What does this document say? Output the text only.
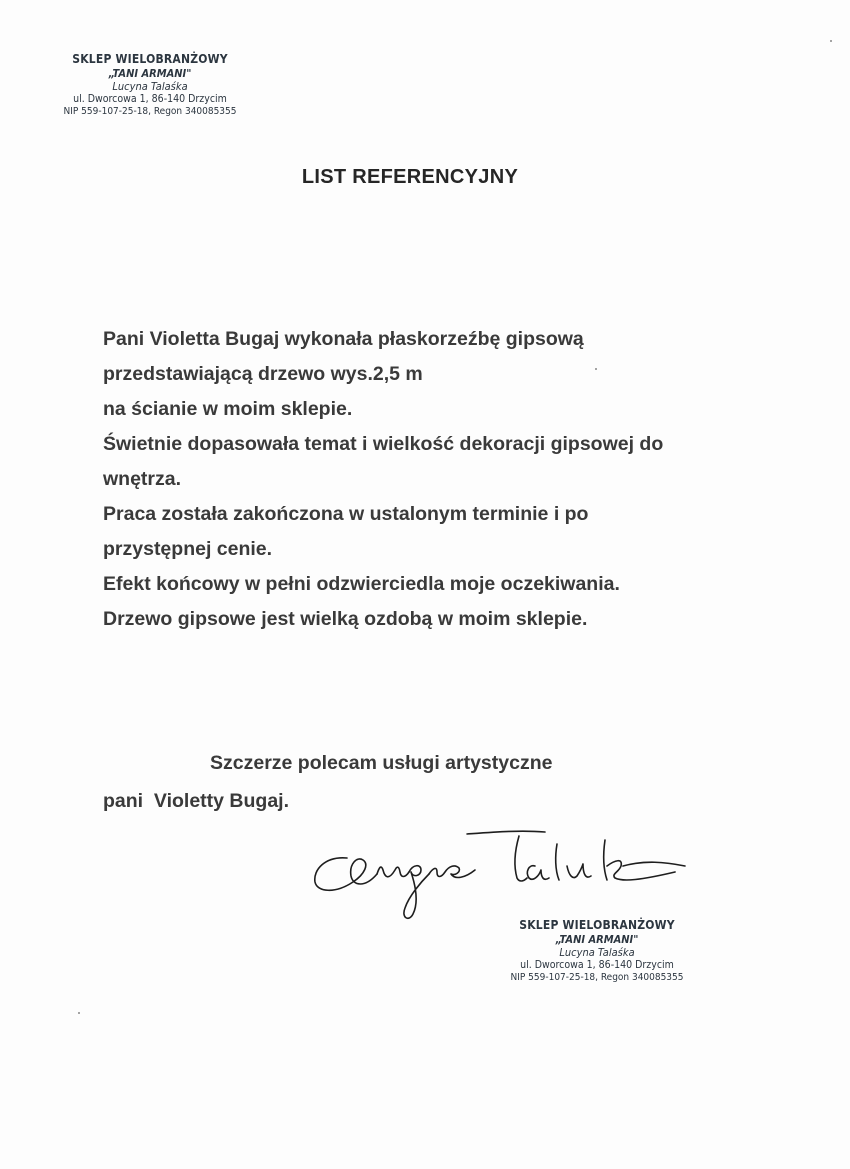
SKLEP WIELOBRANŻOWY
„TANI ARMANI"
Lucyna Talaśka
ul. Dworcowa 1, 86-140 Drzycim
NIP 559-107-25-18, Regon 340085355
LIST REFERENCYJNY
Pani Violetta Bugaj wykonała płaskorzeźbę gipsową
przedstawiającą drzewo wys.2,5 m
na ścianie w moim sklepie.
Świetnie dopasowała temat i wielkość dekoracji gipsowej do
wnętrza.
Praca została zakończona w ustalonym terminie i po
przystępnej cenie.
Efekt końcowy w pełni odzwierciedla moje oczekiwania.
Drzewo gipsowe jest wielką ozdobą w moim sklepie.
Szczerze polecam usługi artystyczne
pani  Violetty Bugaj.
SKLEP WIELOBRANŻOWY
„TANI ARMANI"
Lucyna Talaśka
ul. Dworcowa 1, 86-140 Drzycim
NIP 559-107-25-18, Regon 340085355
